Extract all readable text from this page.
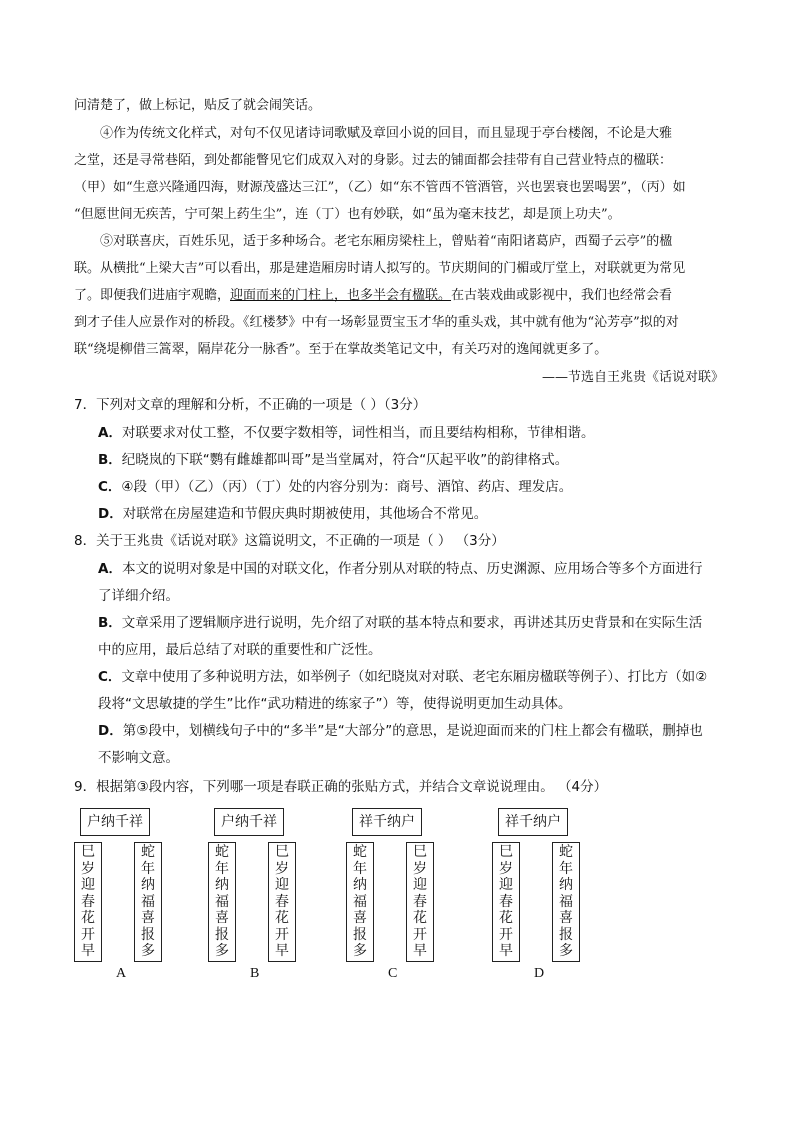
问清楚了，做上标记，贴反了就会闹笑话。
④作为传统文化样式，对句不仅见诸诗词歌赋及章回小说的回目，而且显现于亭台楼阁，不论是大雅
之堂，还是寻常巷陌，到处都能瞥见它们成双入对的身影。过去的铺面都会挂带有自己营业特点的楹联：
（甲）如“生意兴隆通四海，财源茂盛达三江”，（乙）如“东不管西不管酒管，兴也罢衰也罢喝罢”，（丙）如
“但愿世间无疾苦，宁可架上药生尘”，连（丁）也有妙联，如“虽为毫末技艺，却是顶上功夫”。
⑤对联喜庆，百姓乐见，适于多种场合。老宅东厢房梁柱上，曾贴着“南阳诸葛庐，西蜀子云亭”的楹
联。从横批“上梁大吉”可以看出，那是建造厢房时请人拟写的。节庆期间的门楣或厅堂上，对联就更为常见
了。即便我们进庙宇观瞻，迎面而来的门柱上，也多半会有楹联。在古装戏曲或影视中，我们也经常会看
到才子佳人应景作对的桥段。《红楼梦》中有一场彰显贾宝玉才华的重头戏，其中就有他为“沁芳亭”拟的对
联“绕堤柳借三篙翠，隔岸花分一脉香”。至于在掌故类笔记文中，有关巧对的逸闻就更多了。
——节选自王兆贵《话说对联》
7．下列对文章的理解和分析，不正确的一项是（ ）（3分）
A．对联要求对仗工整，不仅要字数相等，词性相当，而且要结构相称，节律相谐。
B．纪晓岚的下联“鹦有雌雄都叫哥”是当堂属对，符合“仄起平收”的韵律格式。
C．④段（甲）（乙）（丙）（丁）处的内容分别为：商号、酒馆、药店、理发店。
D．对联常在房屋建造和节假庆典时期被使用，其他场合不常见。
8．关于王兆贵《话说对联》这篇说明文，不正确的一项是（ ） （3分）
A．本文的说明对象是中国的对联文化，作者分别从对联的特点、历史渊源、应用场合等多个方面进行
了详细介绍。
B．文章采用了逻辑顺序进行说明，先介绍了对联的基本特点和要求，再讲述其历史背景和在实际生活
中的应用，最后总结了对联的重要性和广泛性。
C．文章中使用了多种说明方法，如举例子（如纪晓岚对对联、老宅东厢房楹联等例子）、打比方（如②
段将“文思敏捷的学生”比作“武功精进的练家子”）等，使得说明更加生动具体。
D．第⑤段中，划横线句子中的“多半”是“大部分”的意思，是说迎面而来的门柱上都会有楹联，删掉也
不影响文意。
9．根据第③段内容，下列哪一项是春联正确的张贴方式，并结合文章说说理由。 （4分）
户纳千祥
巳
岁
迎
春
花
开
早
蛇
年
纳
福
喜
报
多
A
户纳千祥
蛇
年
纳
福
喜
报
多
巳
岁
迎
春
花
开
早
B
祥千纳户
蛇
年
纳
福
喜
报
多
巳
岁
迎
春
花
开
早
C
祥千纳户
巳
岁
迎
春
花
开
早
蛇
年
纳
福
喜
报
多
D
